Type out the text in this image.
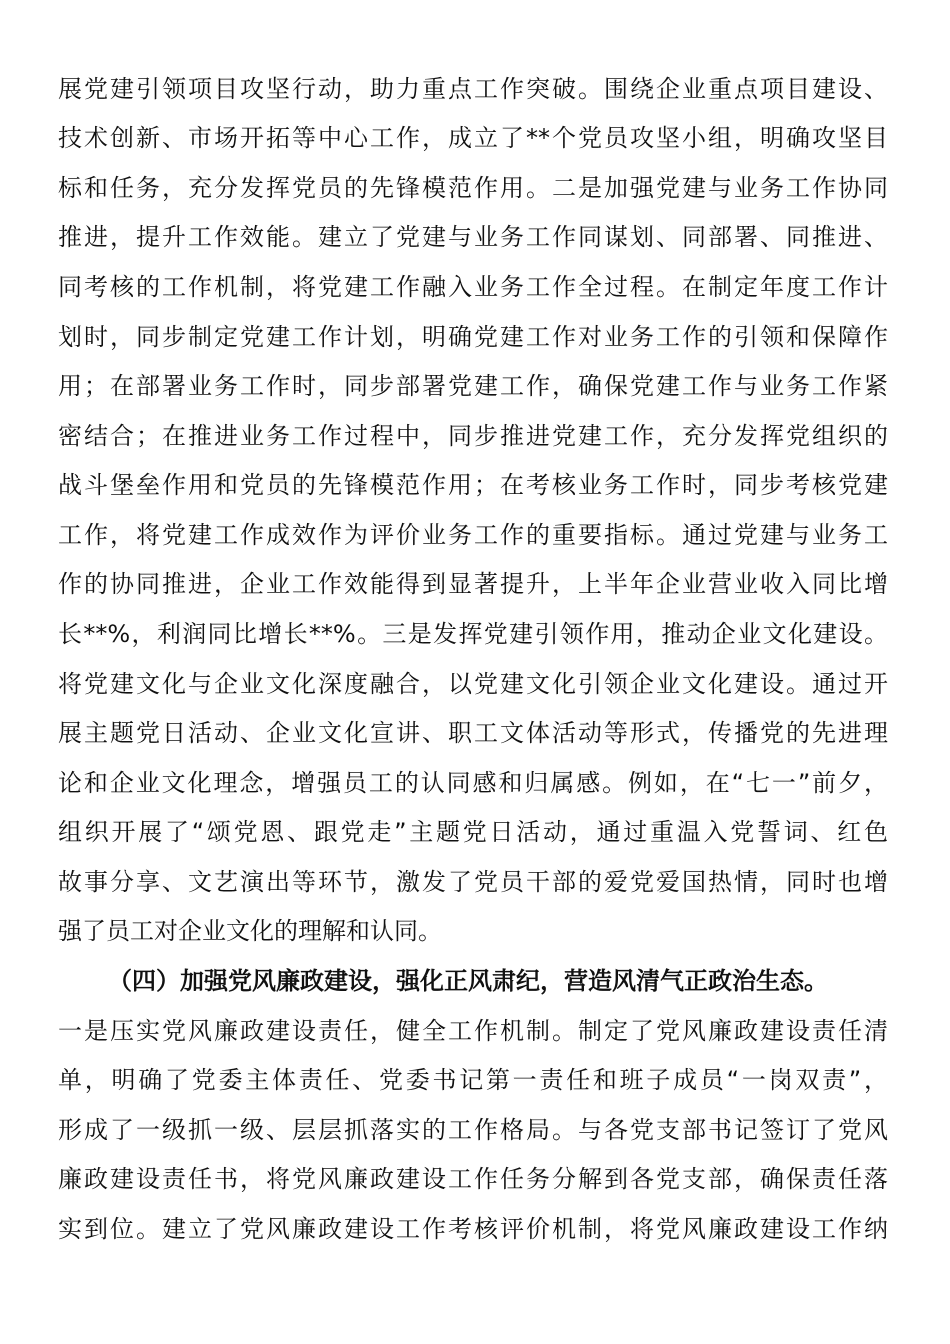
展党建引领项目攻坚行动，助力重点工作突破。围绕企业重点项目建设、
技术创新、市场开拓等中心工作，成立了**个党员攻坚小组，明确攻坚目
标和任务，充分发挥党员的先锋模范作用。二是加强党建与业务工作协同
推进，提升工作效能。建立了党建与业务工作同谋划、同部署、同推进、
同考核的工作机制，将党建工作融入业务工作全过程。在制定年度工作计
划时，同步制定党建工作计划，明确党建工作对业务工作的引领和保障作
用；在部署业务工作时，同步部署党建工作，确保党建工作与业务工作紧
密结合；在推进业务工作过程中，同步推进党建工作，充分发挥党组织的
战斗堡垒作用和党员的先锋模范作用；在考核业务工作时，同步考核党建
工作，将党建工作成效作为评价业务工作的重要指标。通过党建与业务工
作的协同推进，企业工作效能得到显著提升，上半年企业营业收入同比增
长**%，利润同比增长**%。三是发挥党建引领作用，推动企业文化建设。
将党建文化与企业文化深度融合，以党建文化引领企业文化建设。通过开
展主题党日活动、企业文化宣讲、职工文体活动等形式，传播党的先进理
论和企业文化理念，增强员工的认同感和归属感。例如，在“七一”前夕，
组织开展了“颂党恩、跟党走”主题党日活动，通过重温入党誓词、红色
故事分享、文艺演出等环节，激发了党员干部的爱党爱国热情，同时也增
强了员工对企业文化的理解和认同。
（四）加强党风廉政建设，强化正风肃纪，营造风清气正政治生态。
一是压实党风廉政建设责任，健全工作机制。制定了党风廉政建设责任清
单，明确了党委主体责任、党委书记第一责任和班子成员“一岗双责”，
形成了一级抓一级、层层抓落实的工作格局。与各党支部书记签订了党风
廉政建设责任书，将党风廉政建设工作任务分解到各党支部，确保责任落
实到位。建立了党风廉政建设工作考核评价机制，将党风廉政建设工作纳
